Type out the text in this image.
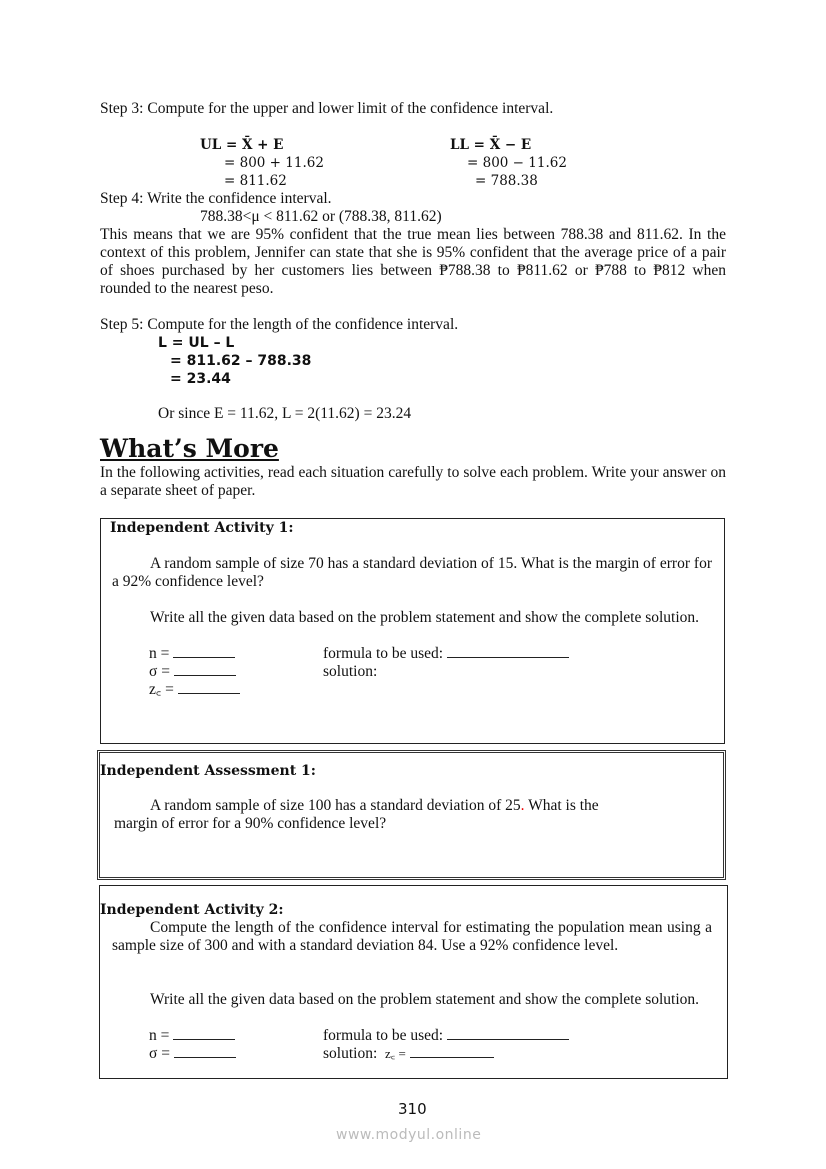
Step 3: Compute for the upper and lower limit of the confidence interval.
UL = X̄ + E
= 800 + 11.62
= 811.62
LL = X̄ − E
= 800 − 11.62
= 788.38
Step 4: Write the confidence interval.
788.38<μ < 811.62 or (788.38, 811.62)
This means that we are 95% confident that the true mean lies between 788.38 and 811.62. In the context of this problem, Jennifer can state that she is 95% confident that the average price of a pair of shoes purchased by her customers lies between ₱788.38 to ₱811.62 or ₱788 to ₱812 when rounded to the nearest peso.
Step 5: Compute for the length of the confidence interval.
L = UL – L
= 811.62 – 788.38
= 23.44
Or since E = 11.62, L = 2(11.62) = 23.24
What’s More
In the following activities, read each situation carefully to solve each problem. Write your answer on a separate sheet of paper.
Independent Activity 1:
A random sample of size 70 has a standard deviation of 15. What is the margin of error for a 92% confidence level?
Write all the given data based on the problem statement and show the complete solution.
n =
σ =
z꜀ =
formula to be used:
solution:
Independent Assessment 1:
A random sample of size 100 has a standard deviation of 25. What is the
margin of error for a 90% confidence level?
Independent Activity 2:
Compute the length of the confidence interval for estimating the population mean using a sample size of 300 and with a standard deviation 84. Use a 92% confidence level.
Write all the given data based on the problem statement and show the complete solution.
n =
σ =
formula to be used:
solution: z꜀ =
310
www.modyul.online
